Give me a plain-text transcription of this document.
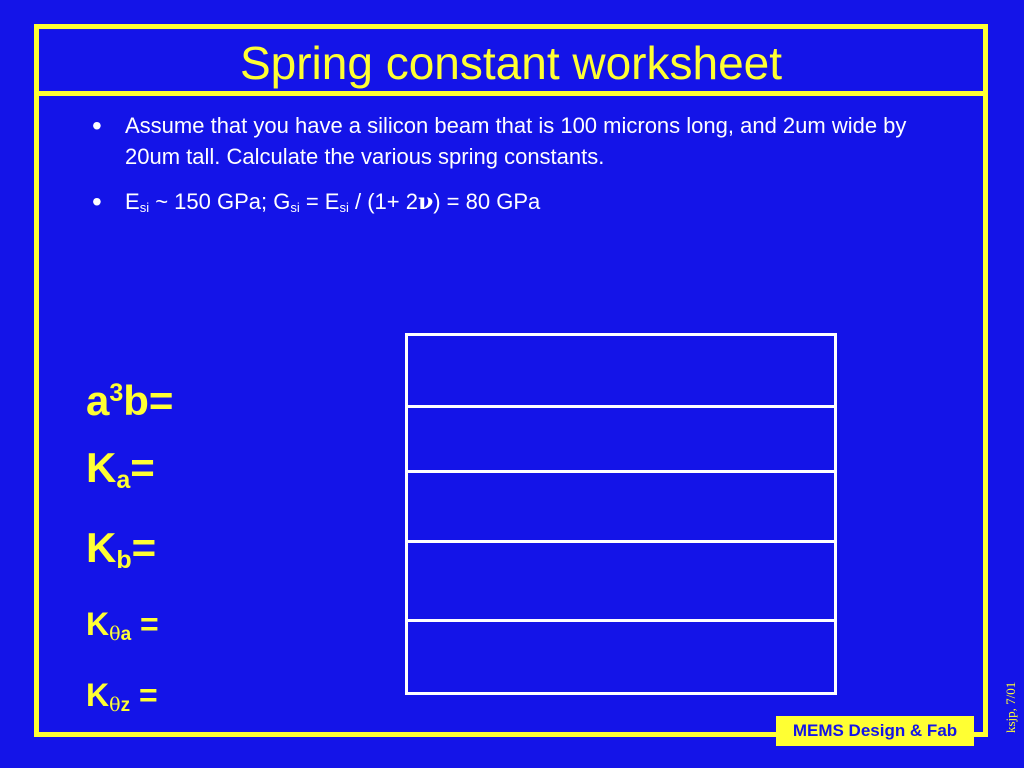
Spring constant worksheet
• Assume that you have a silicon beam that is 100 microns long, and 2um wide by 20um tall. Calculate the various spring constants.
• $E_{si}$ ~ 150 GPa; $G_{si} = E_{si} / (1+ 2\nu) = 80$ GPa
$a^3b=$
$K_a=$
$K_b=$
$K_{\theta a}$ =
$K_{\theta z}$ =
MEMS Design & Fab	ksjp, 7/01
